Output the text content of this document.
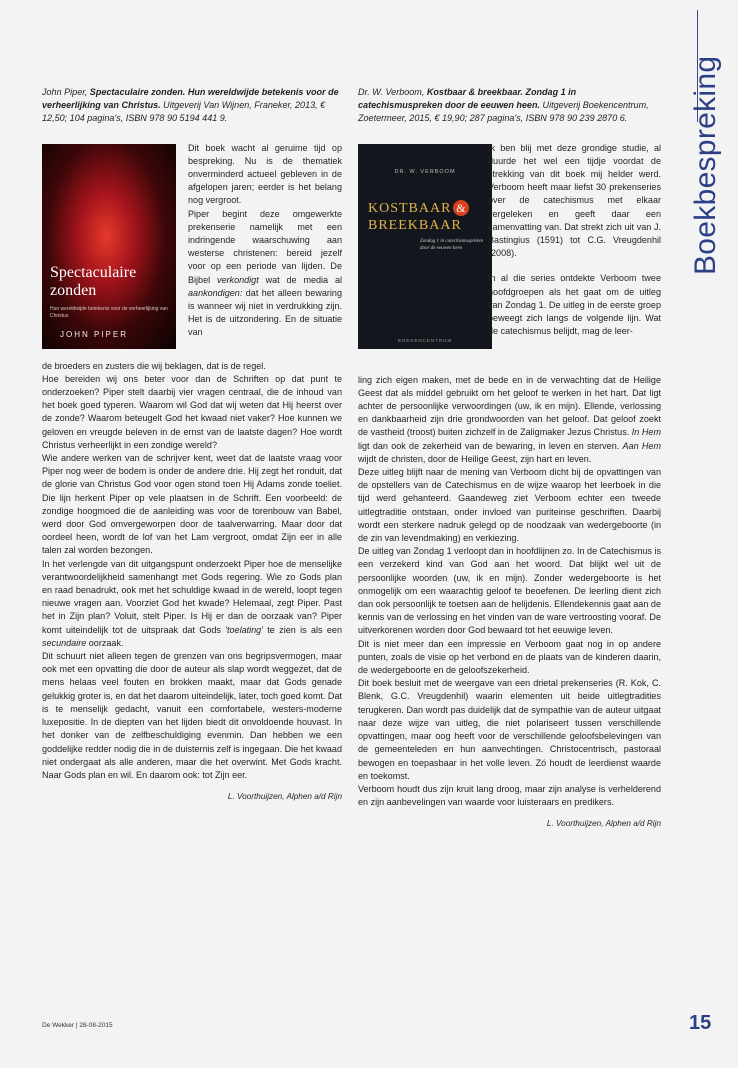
Boekbespreking
John Piper, Spectaculaire zonden. Hun wereldwijde betekenis voor de verheerlijking van Christus. Uitgeverij Van Wijnen, Franeker, 2013, € 12,50; 104 pagina's, ISBN 978 90 5194 441 9.
Spectaculaire
zonden
Hun wereldwijde betekenis voor de verheerlijking van Christus
JOHN PIPER

Dit boek wacht al geruime tijd op bespreking. Nu is de thematiek onverminderd actueel gebleven in de afgelopen jaren; eerder is het belang nog vergroot.

Piper begint deze omgewerkte prekenserie namelijk met een indringende waarschuwing aan westerse christenen: bereid jezelf voor op een periode van lijden. De Bijbel verkondigt wat de media al aankondigen: dat het alleen bewaring is wanneer wij niet in verdrukking zijn. Het is de uitzondering. En de situatie van

de broeders en zusters die wij beklagen, dat is de regel.

Hoe bereiden wij ons beter voor dan de Schriften op dat punt te onderzoeken? Piper stelt daarbij vier vragen centraal, die de inhoud van het boek goed typeren. Waarom wil God dat wij weten dat Hij heerst over de zonde? Waarom beteugelt God het kwaad niet vaker? Hoe kunnen we geloven en vreugde beleven in de ernst van de laatste dagen? Hoe wordt Christus verheerlijkt in een zondige wereld?

Wie andere werken van de schrijver kent, weet dat de laatste vraag voor Piper nog weer de bodem is onder de andere drie. Hij zegt het ronduit, dat de glorie van Christus God voor ogen stond toen Hij Adams zonde toeliet. Die lijn herkent Piper op vele plaatsen in de Schrift. Een voorbeeld: de zondige hoogmoed die de aanleiding was voor de torenbouw van Babel, werd door God omvergeworpen door de taalverwarring. Maar door dat oordeel heen, wordt de lof van het Lam vergroot, omdat Zijn eer in alle talen zal worden bezongen.

In het verlengde van dit uitgangspunt onderzoekt Piper hoe de menselijke verantwoordelijkheid samenhangt met Gods regering. Wie zo Gods plan en raad benadrukt, ook met het schuldige kwaad in de wereld, loopt tegen nieuwe vragen aan. Voorziet God het kwade? Helemaal, zegt Piper. Past het in Zijn plan? Voluit, stelt Piper. Is Hij er dan de oorzaak van? Piper komt uiteindelijk tot de uitspraak dat Gods 'toelating' te zien is als een secundaire oorzaak.

Dit schuurt niet alleen tegen de grenzen van ons begripsvermogen, maar ook met een opvatting die door de auteur als slap wordt weggezet, dat de mens helaas veel fouten en brokken maakt, maar dat Gods genade gelukkig groter is, en dat het daarom uiteindelijk, later, toch goed komt. Dat is te menselijk gedacht, vanuit een comfortabele, westers-moderne luxepositie. In de diepten van het lijden biedt dit onvoldoende houvast. In het donker van de zelfbeschuldiging evenmin. Dan hebben we een goddelijke redder nodig die in de duisternis zelf is ingegaan. Die het kwaad niet ondergaat als alle anderen, maar die het overwint. Met Gods kracht. Naar Gods plan en wil. En daarom ook: tot Zijn eer.

L. Voorthuijzen, Alphen a/d Rijn
Dr. W. Verboom, Kostbaar & breekbaar. Zondag 1 in catechismuspreken door de eeuwen heen. Uitgeverij Boekencentrum, Zoetermeer, 2015, € 19,90; 287 pagina's, ISBN 978 90 239 2870 6.
DR. W. VERBOOM
KOSTBAAR &
BREEKBAAR
Zondag 1 in catechismuspreken door de eeuwen heen
BOEKENCENTRUM

Ik ben blij met deze grondige studie, al duurde het wel een tijdje voordat de strekking van dit boek mij helder werd. Verboom heeft maar liefst 30 prekenseries over de catechismus met elkaar vergeleken en geeft daar een samenvatting van. Dat strekt zich uit van J. Bastingius (1591) tot C.G. Vreugdenhil (2008).

In al die series ontdekte Verboom twee hoofdgroepen als het gaat om de uitleg van Zondag 1. De uitleg in de eerste groep beweegt zich langs de volgende lijn. Wat de catechismus belijdt, mag de leer-

ling zich eigen maken, met de bede en in de verwachting dat de Heilige Geest dat als middel gebruikt om het geloof te werken in het hart. Dat ligt achter de persoonlijke verwoordingen (uw, ik en mijn). Ellende, verlossing en dankbaarheid zijn drie grondwoorden van het geloof. Dat geloof zoekt de vastheid (troost) buiten zichzelf in de Zaligmaker Jezus Christus. In Hem ligt dan ook de zekerheid van de bewaring, in leven en sterven. Aan Hem wijdt de christen, door de Heilige Geest, zijn hart en leven.

Deze uitleg blijft naar de mening van Verboom dicht bij de opvattingen van de opstellers van de Catechismus en de wijze waarop het leerboek in die tijd werd gehanteerd. Gaandeweg ziet Verboom echter een tweede uitlegtraditie ontstaan, onder invloed van puriteinse geschriften. Daarbij wordt een sterkere nadruk gelegd op de noodzaak van wedergeboorte (in de zin van levendmaking) en verkiezing.

De uitleg van Zondag 1 verloopt dan in hoofdlijnen zo. In de Catechismus is een verzekerd kind van God aan het woord. Dat blijkt wel uit de persoonlijke woorden (uw, ik en mijn). Zonder wedergeboorte is het onmogelijk om een waarachtig geloof te beoefenen. De leerling dient zich dan ook persoonlijk te toetsen aan de helijdenis. Ellendekennis gaat aan de kennis van de verlossing en het vinden van de ware vertroosting vooraf. De uitverkorenen worden door God bewaard tot het eeuwige leven.

Dit is niet meer dan een impressie en Verboom gaat nog in op andere punten, zoals de visie op het verbond en de plaats van de kinderen daarin, de wedergeboorte en de geloofszekerheid.

Dit boek besluit met de weergave van een drietal prekenseries (R. Kok, C. Blenk, G.C. Vreugdenhil) waarin elementen uit beide uitlegtradities terugkeren. Dan wordt pas duidelijk dat de sympathie van de auteur uitgaat naar deze wijze van uitleg, die niet polariseert tussen verschillende opvattingen, maar oog heeft voor de verschillende geloofsbelevingen van de gemeenteleden en hun aanvechtingen. Christocentrisch, pastoraal bewogen en toepasbaar in het volle leven. Zó houdt de leerdienst waarde en toekomst.

Verboom houdt dus zijn kruit lang droog, maar zijn analyse is verhelderend en zijn aanbevelingen van waarde voor luisteraars en predikers.

L. Voorthuijzen, Alphen a/d Rijn
De Wekker | 28-08-2015	15
